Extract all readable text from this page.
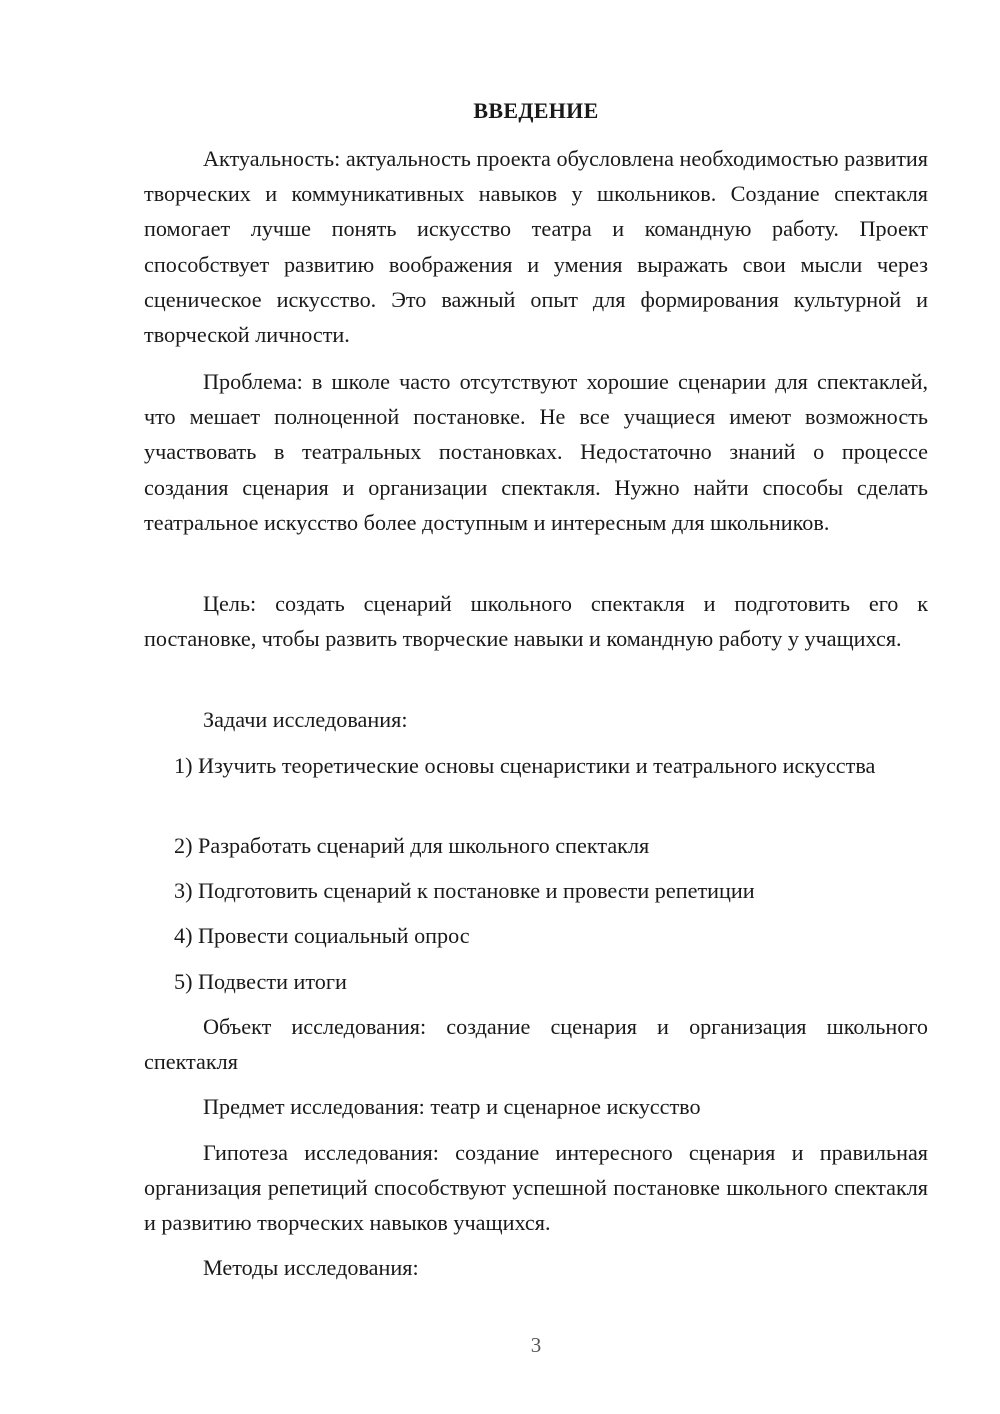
ВВЕДЕНИЕ

Актуальность: актуальность проекта обусловлена необходимостью развития творческих и коммуникативных навыков у школьников. Создание спектакля помогает лучше понять искусство театра и командную работу. Проект способствует развитию воображения и умения выражать свои мысли через сценическое искусство. Это важный опыт для формирования культурной и творческой личности.

Проблема: в школе часто отсутствуют хорошие сценарии для спектаклей, что мешает полноценной постановке. Не все учащиеся имеют возможность участвовать в театральных постановках. Недостаточно знаний о процессе создания сценария и организации спектакля. Нужно найти способы сделать театральное искусство более доступным и интересным для школьников.

Цель: создать сценарий школьного спектакля и подготовить его к постановке, чтобы развить творческие навыки и командную работу у учащихся.

Задачи исследования:

1) Изучить теоретические основы сценаристики и театрального искусства

2) Разработать сценарий для школьного спектакля

3) Подготовить сценарий к постановке и провести репетиции

4) Провести социальный опрос

5) Подвести итоги

Объект исследования: создание сценария и организация школьного спектакля

Предмет исследования: театр и сценарное искусство

Гипотеза исследования: создание интересного сценария и правильная организация репетиций способствуют успешной постановке школьного спектакля и развитию творческих навыков учащихся.

Методы исследования:

3
